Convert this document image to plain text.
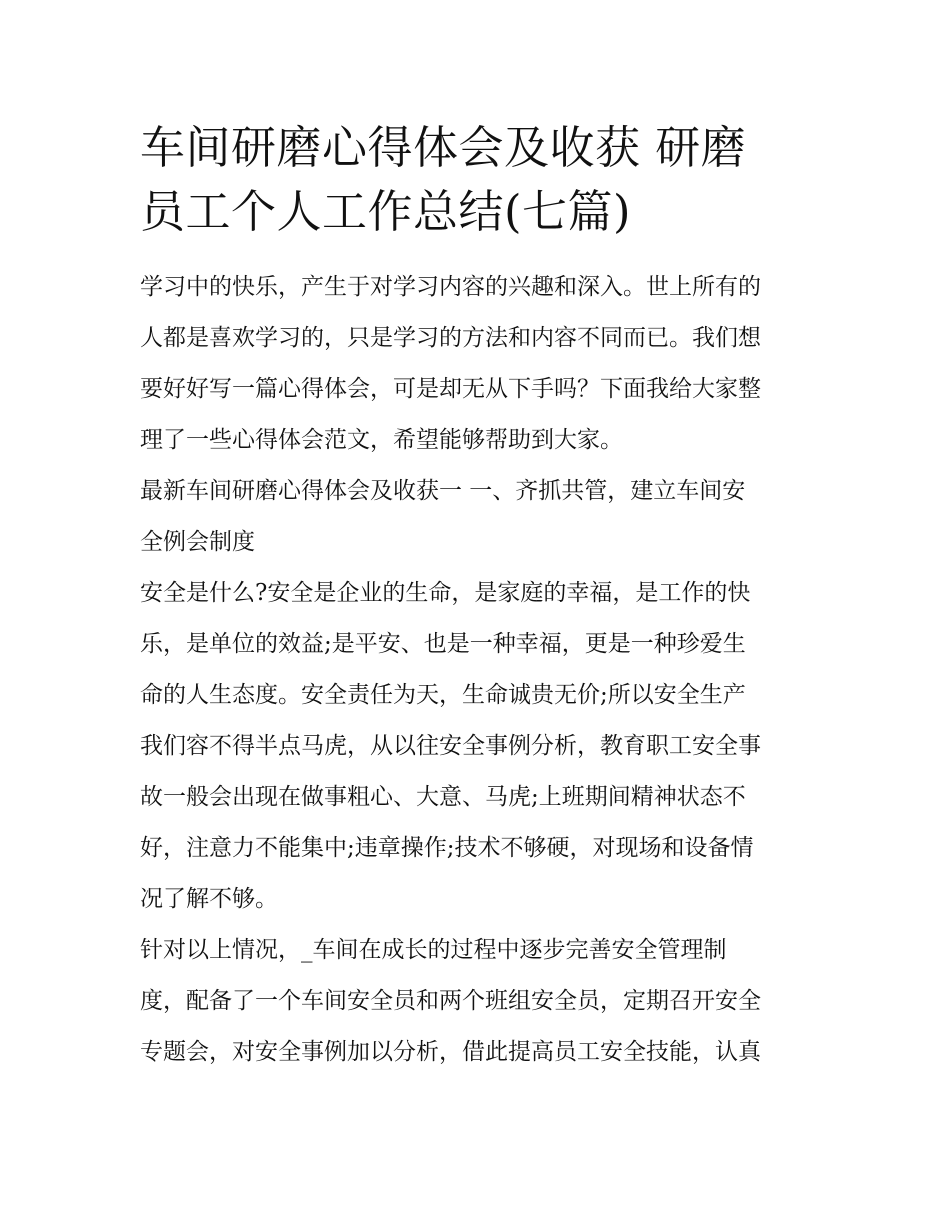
车间研磨心得体会及收获 研磨
员工个人工作总结(七篇)

学习中的快乐，产生于对学习内容的兴趣和深入。世上所有的
人都是喜欢学习的，只是学习的方法和内容不同而已。我们想
要好好写一篇心得体会，可是却无从下手吗？下面我给大家整
理了一些心得体会范文，希望能够帮助到大家。

最新车间研磨心得体会及收获一 一、齐抓共管，建立车间安
全例会制度

安全是什么?安全是企业的生命，是家庭的幸福，是工作的快
乐，是单位的效益;是平安、也是一种幸福，更是一种珍爱生
命的人生态度。安全责任为天，生命诚贵无价;所以安全生产
我们容不得半点马虎，从以往安全事例分析，教育职工安全事
故一般会出现在做事粗心、大意、马虎;上班期间精神状态不
好，注意力不能集中;违章操作;技术不够硬，对现场和设备情
况了解不够。

针对以上情况，_车间在成长的过程中逐步完善安全管理制
度，配备了一个车间安全员和两个班组安全员，定期召开安全
专题会，对安全事例加以分析，借此提高员工安全技能，认真
